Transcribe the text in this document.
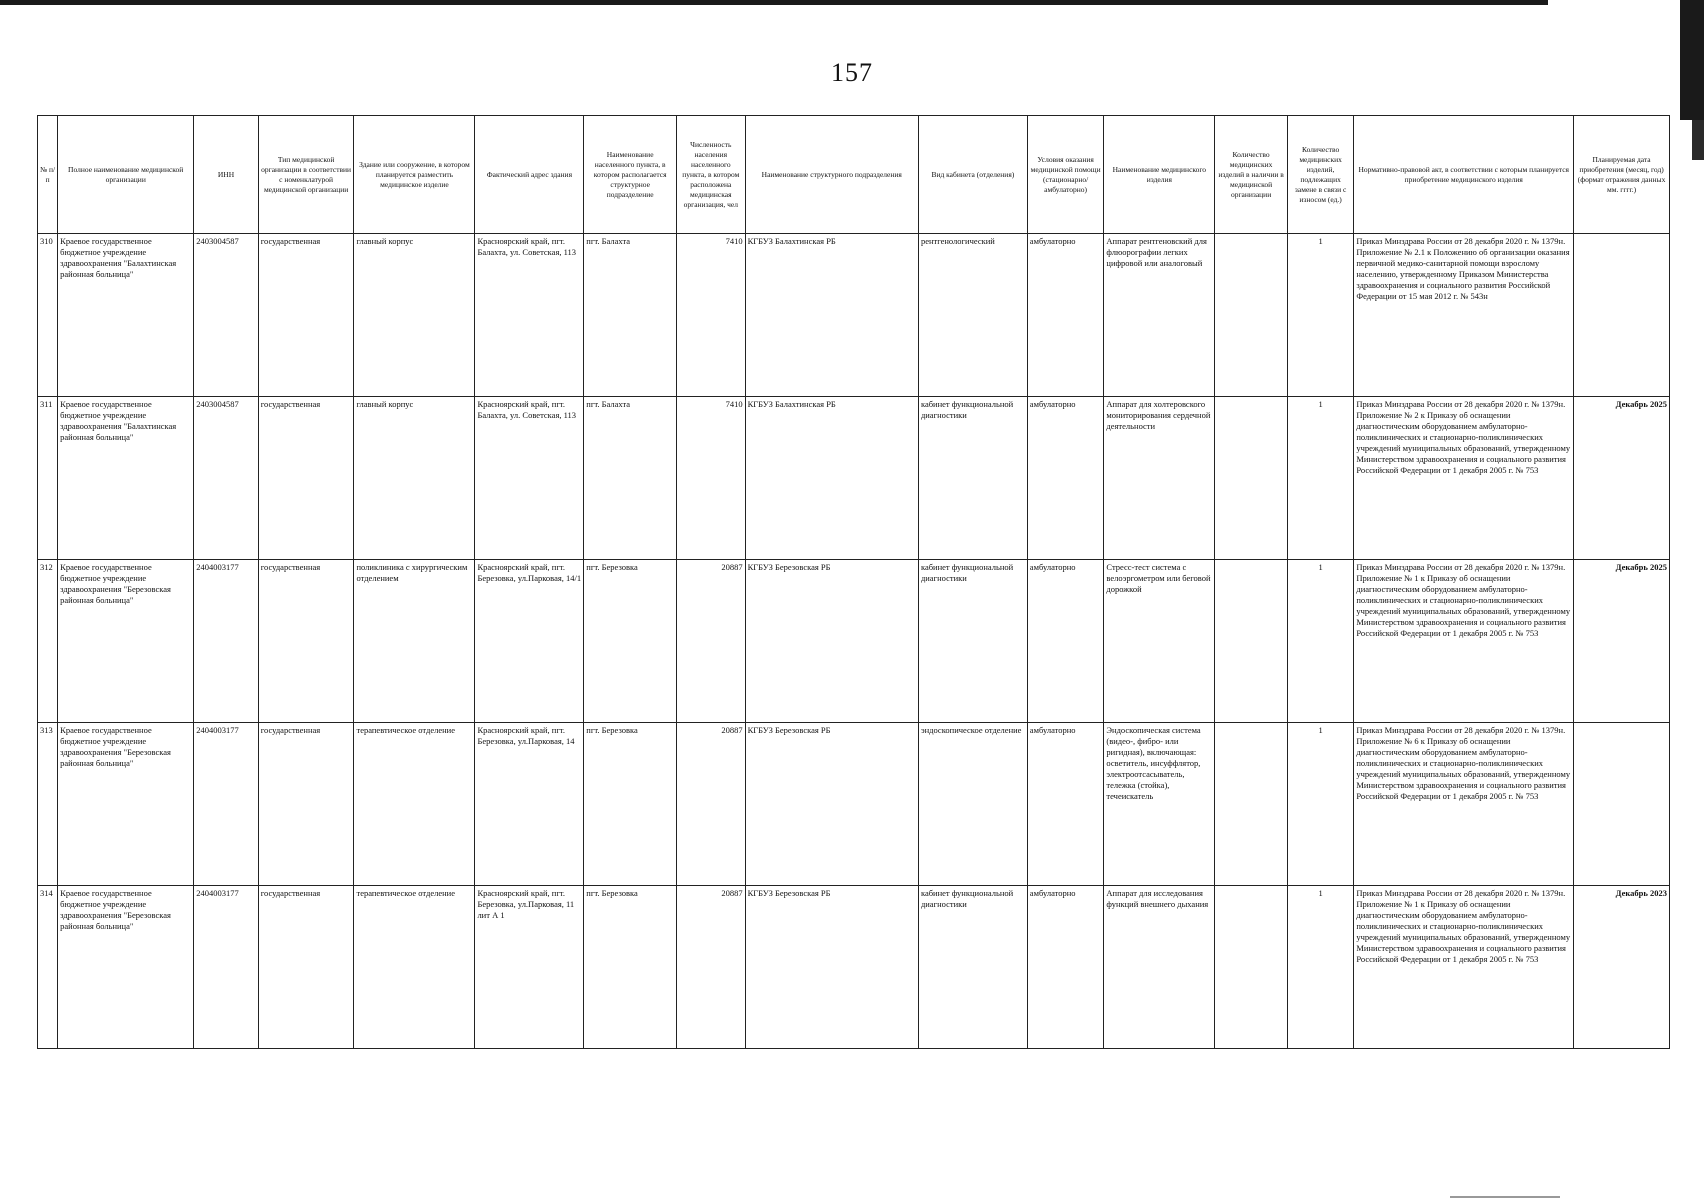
157
№ п/п	Полное наименование медицинской организации	ИНН	Тип медицинской организации в соответствии с номенклатурой медицинской организации	Здание или сооружение, в котором планируется разместить медицинское изделие	Фактический адрес здания	Наименование населенного пункта, в котором располагается структурное подразделение	Численность населения населенного пункта, в котором расположена медицинская организация, чел	Наименование структурного подразделения	Вид кабинета (отделения)	Условия оказания медицинской помощи (стационарно/ амбулаторно)	Наименование медицинского изделия	Количество медицинских изделий в наличии в медицинской организации	Количество медицинских изделий, подлежащих замене в связи с износом (ед.)	Нормативно-правовой акт, в соответствии с которым планируется приобретение медицинского изделия	Планируемая дата приобретения (месяц, год) (формат отражения данных мм. гггг.)
310	Краевое государственное бюджетное учреждение здравоохранения "Балахтинская районная больница"	2403004587	государственная	главный корпус	Красноярский край, пгт. Балахта, ул. Советская, 113	пгт. Балахта	7410	КГБУЗ Балахтинская РБ	рентгенологический	амбулаторно	Аппарат рентгеновский для флюорографии легких цифровой или аналоговый		1	Приказ Минздрава России от 28 декабря 2020 г. № 1379н. Приложение № 2.1 к Положению об организации оказания первичной медико-санитарной помощи взрослому населению, утвержденному Приказом Министерства здравоохранения и социального развития Российской Федерации от 15 мая 2012 г. № 543н	
311	Краевое государственное бюджетное учреждение здравоохранения "Балахтинская районная больница"	2403004587	государственная	главный корпус	Красноярский край, пгт. Балахта, ул. Советская, 113	пгт. Балахта	7410	КГБУЗ Балахтинская РБ	кабинет функциональной диагностики	амбулаторно	Аппарат для холтеровского мониторирования сердечной деятельности		1	Приказ Минздрава России от 28 декабря 2020 г. № 1379н. Приложение № 2 к Приказу об оснащении диагностическим оборудованием амбулаторно-поликлинических и стационарно-поликлинических учреждений муниципальных образований, утвержденному Министерством здравоохранения и социального развития Российской Федерации от 1 декабря 2005 г. № 753	Декабрь 2025
312	Краевое государственное бюджетное учреждение здравоохранения "Березовская районная больница"	2404003177	государственная	поликлиника с хирургическим отделением	Красноярский край, пгт. Березовка, ул.Парковая, 14/1	пгт. Березовка	20887	КГБУЗ Березовская РБ	кабинет функциональной диагностики	амбулаторно	Стресс-тест система с велоэргометром или беговой дорожкой		1	Приказ Минздрава России от 28 декабря 2020 г. № 1379н. Приложение № 1 к Приказу об оснащении диагностическим оборудованием амбулаторно-поликлинических и стационарно-поликлинических учреждений муниципальных образований, утвержденному Министерством здравоохранения и социального развития Российской Федерации от 1 декабря 2005 г. № 753	Декабрь 2025
313	Краевое государственное бюджетное учреждение здравоохранения "Березовская районная больница"	2404003177	государственная	терапевтическое отделение	Красноярский край, пгт. Березовка, ул.Парковая, 14	пгт. Березовка	20887	КГБУЗ Березовская РБ	эндоскопическое отделение	амбулаторно	Эндоскопическая система (видео-, фибро- или ригидная), включающая: осветитель, инсуффлятор, электроотсасыватель, тележка (стойка), течеискатель		1	Приказ Минздрава России от 28 декабря 2020 г. № 1379н. Приложение № 6 к Приказу об оснащении диагностическим оборудованием амбулаторно-поликлинических и стационарно-поликлинических учреждений муниципальных образований, утвержденному Министерством здравоохранения и социального развития Российской Федерации от 1 декабря 2005 г. № 753	
314	Краевое государственное бюджетное учреждение здравоохранения "Березовская районная больница"	2404003177	государственная	терапевтическое отделение	Красноярский край, пгт. Березовка, ул.Парковая, 11 лит А 1	пгт. Березовка	20887	КГБУЗ Березовская РБ	кабинет функциональной диагностики	амбулаторно	Аппарат для исследования функций внешнего дыхания		1	Приказ Минздрава России от 28 декабря 2020 г. № 1379н. Приложение № 1 к Приказу об оснащении диагностическим оборудованием амбулаторно-поликлинических и стационарно-поликлинических учреждений муниципальных образований, утвержденному Министерством здравоохранения и социального развития Российской Федерации от 1 декабря 2005 г. № 753	Декабрь 2023
